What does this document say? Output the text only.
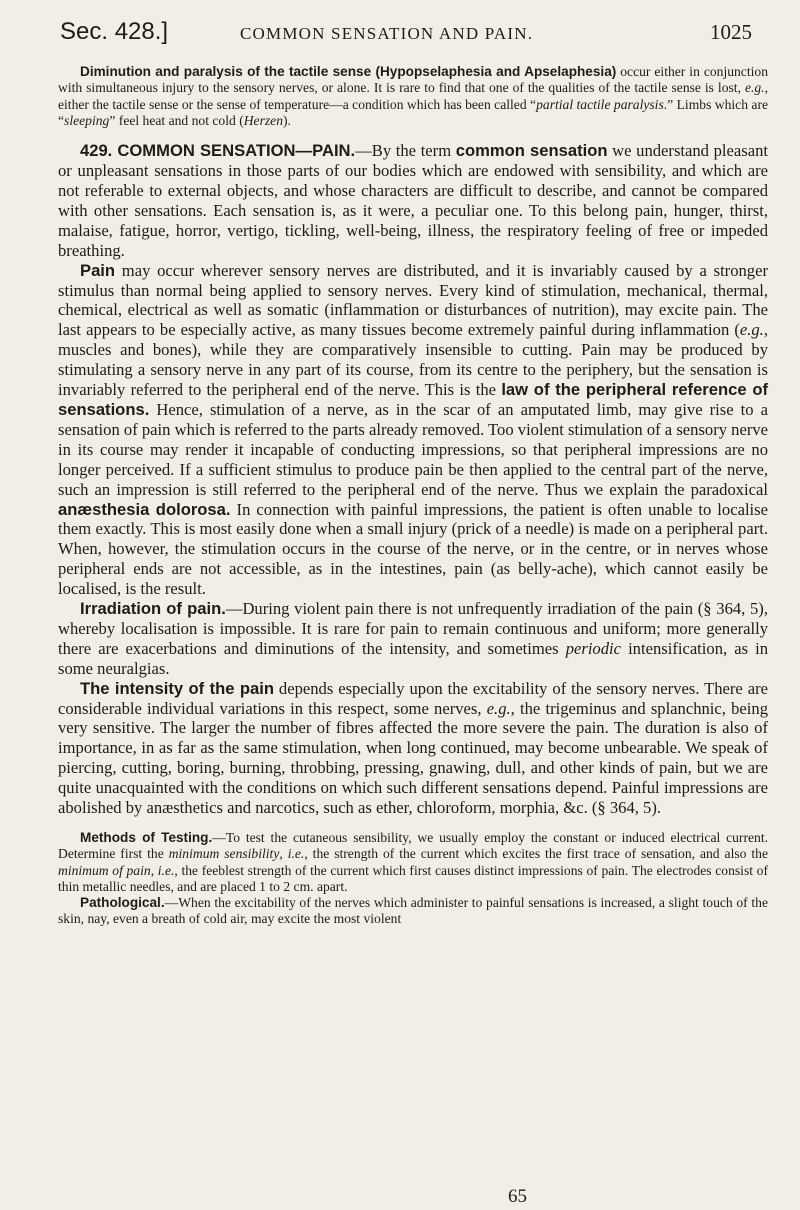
Sec. 428.]	COMMON SENSATION AND PAIN.	1025

Diminution and paralysis of the tactile sense (Hypopselaphesia and Apselaphesia) occur either in conjunction with simultaneous injury to the sensory nerves, or alone. It is rare to find that one of the qualities of the tactile sense is lost, e.g., either the tactile sense or the sense of temperature—a condition which has been called “partial tactile paralysis.” Limbs which are “sleeping” feel heat and not cold (Herzen).

429. COMMON SENSATION—PAIN.—By the term common sensation we understand pleasant or unpleasant sensations in those parts of our bodies which are endowed with sensibility, and which are not referable to external objects, and whose characters are difficult to describe, and cannot be compared with other sensations. Each sensation is, as it were, a peculiar one. To this belong pain, hunger, thirst, malaise, fatigue, horror, vertigo, tickling, well-being, illness, the respiratory feeling of free or impeded breathing.

Pain may occur wherever sensory nerves are distributed, and it is invariably caused by a stronger stimulus than normal being applied to sensory nerves. Every kind of stimulation, mechanical, thermal, chemical, electrical as well as somatic (inflammation or disturbances of nutrition), may excite pain. The last appears to be especially active, as many tissues become extremely painful during inflammation (e.g., muscles and bones), while they are comparatively insensible to cutting. Pain may be produced by stimulating a sensory nerve in any part of its course, from its centre to the periphery, but the sensation is invariably referred to the peripheral end of the nerve. This is the law of the peripheral reference of sensations. Hence, stimulation of a nerve, as in the scar of an amputated limb, may give rise to a sensation of pain which is referred to the parts already removed. Too violent stimulation of a sensory nerve in its course may render it incapable of conducting impressions, so that peripheral impressions are no longer perceived. If a sufficient stimulus to produce pain be then applied to the central part of the nerve, such an impression is still referred to the peripheral end of the nerve. Thus we explain the paradoxical anæsthesia dolorosa. In connection with painful impressions, the patient is often unable to localise them exactly. This is most easily done when a small injury (prick of a needle) is made on a peripheral part. When, however, the stimulation occurs in the course of the nerve, or in the centre, or in nerves whose peripheral ends are not accessible, as in the intestines, pain (as belly-ache), which cannot easily be localised, is the result.

Irradiation of pain.—During violent pain there is not unfrequently irradiation of the pain (§ 364, 5), whereby localisation is impossible. It is rare for pain to remain continuous and uniform; more generally there are exacerbations and diminutions of the intensity, and sometimes periodic intensification, as in some neuralgias.

The intensity of the pain depends especially upon the excitability of the sensory nerves. There are considerable individual variations in this respect, some nerves, e.g., the trigeminus and splanchnic, being very sensitive. The larger the number of fibres affected the more severe the pain. The duration is also of importance, in as far as the same stimulation, when long continued, may become unbearable. We speak of piercing, cutting, boring, burning, throbbing, pressing, gnawing, dull, and other kinds of pain, but we are quite unacquainted with the conditions on which such different sensations depend. Painful impressions are abolished by anæsthetics and narcotics, such as ether, chloroform, morphia, &c. (§ 364, 5).

Methods of Testing.—To test the cutaneous sensibility, we usually employ the constant or induced electrical current. Determine first the minimum sensibility, i.e., the strength of the current which excites the first trace of sensation, and also the minimum of pain, i.e., the feeblest strength of the current which first causes distinct impressions of pain. The electrodes consist of thin metallic needles, and are placed 1 to 2 cm. apart.

Pathological.—When the excitability of the nerves which administer to painful sensations is increased, a slight touch of the skin, nay, even a breath of cold air, may excite the most violent

65
